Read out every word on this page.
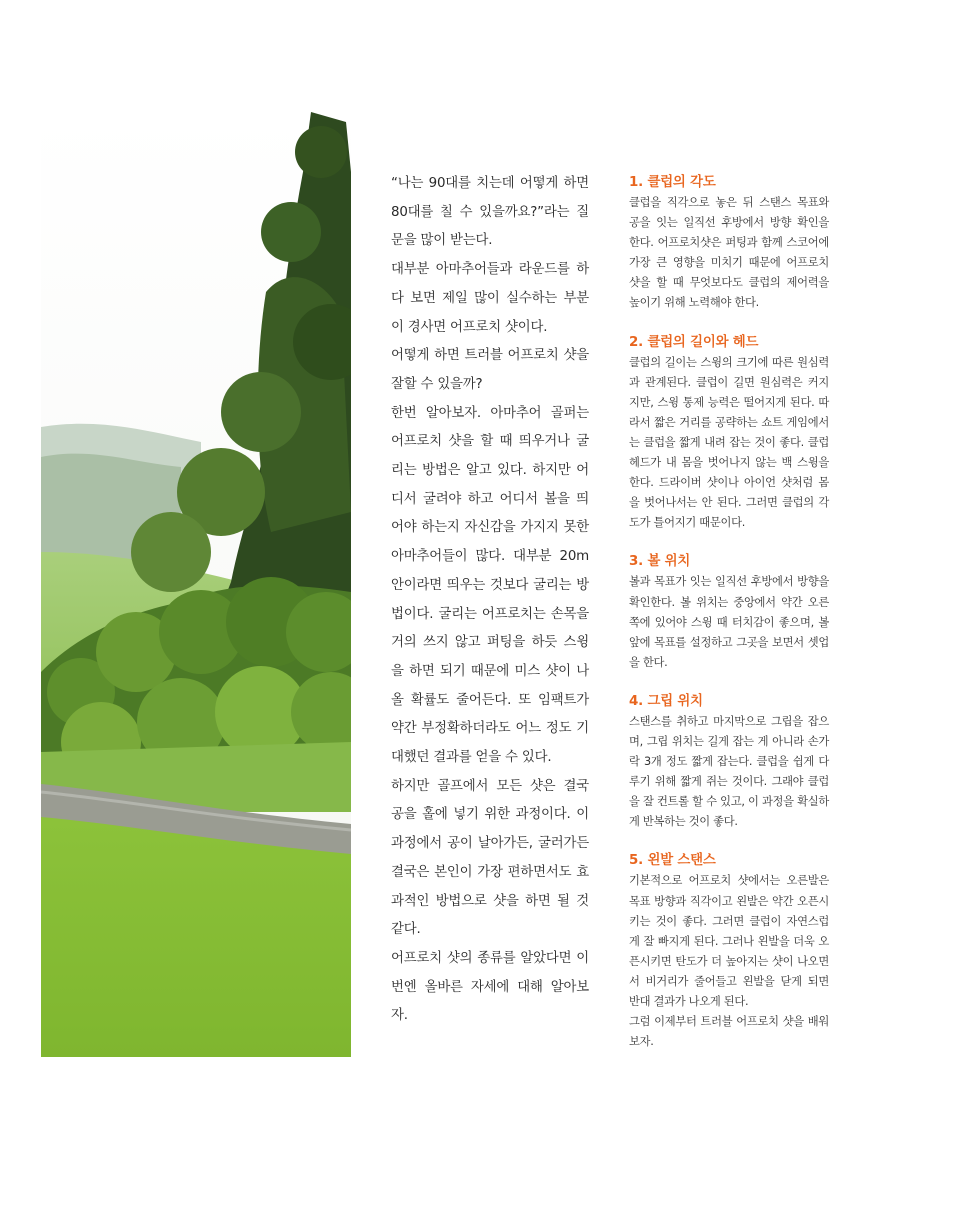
“나는 90대를 치는데 어떻게 하면 80대를 칠 수 있을까요?”라는 질문을 많이 받는다.

대부분 아마추어들과 라운드를 하다 보면 제일 많이 실수하는 부분이 경사면 어프로치 샷이다.

어떻게 하면 트러블 어프로치 샷을 잘할 수 있을까?

한번 알아보자. 아마추어 골퍼는 어프로치 샷을 할 때 띄우거나 굴리는 방법은 알고 있다. 하지만 어디서 굴려야 하고 어디서 볼을 띄어야 하는지 자신감을 가지지 못한 아마추어들이 많다. 대부분 20m 안이라면 띄우는 것보다 굴리는 방법이다. 굴리는 어프로치는 손목을 거의 쓰지 않고 퍼팅을 하듯 스윙을 하면 되기 때문에 미스 샷이 나올 확률도 줄어든다. 또 임팩트가 약간 부정확하더라도 어느 정도 기대했던 결과를 얻을 수 있다.

하지만 골프에서 모든 샷은 결국 공을 홀에 넣기 위한 과정이다. 이 과정에서 공이 날아가든, 굴러가든 결국은 본인이 가장 편하면서도 효과적인 방법으로 샷을 하면 될 것 같다.

어프로치 샷의 종류를 알았다면 이번엔 올바른 자세에 대해 알아보자.

1. 클럽의 각도

클럽을 직각으로 놓은 뒤 스탠스 목표와 공을 잇는 일직선 후방에서 방향 확인을 한다. 어프로치샷은 퍼팅과 함께 스코어에 가장 큰 영향을 미치기 때문에 어프로치 샷을 할 때 무엇보다도 클럽의 제어력을 높이기 위해 노력해야 한다.

2. 클럽의 길이와 헤드

클럽의 길이는 스윙의 크기에 따른 원심력과 관계된다. 클럽이 길면 원심력은 커지지만, 스윙 통제 능력은 떨어지게 된다. 따라서 짧은 거리를 공략하는 쇼트 게임에서는 클럽을 짧게 내려 잡는 것이 좋다. 클럽헤드가 내 몸을 벗어나지 않는 백 스윙을 한다. 드라이버 샷이나 아이언 샷처럼 몸을 벗어나서는 안 된다. 그러면 클럽의 각도가 틀어지기 때문이다.

3. 볼 위치

볼과 목표가 잇는 일직선 후방에서 방향을 확인한다. 볼 위치는 중앙에서 약간 오른쪽에 있어야 스윙 때 터치감이 좋으며, 볼 앞에 목표를 설정하고 그곳을 보면서 셋업을 한다.

4. 그립 위치

스탠스를 취하고 마지막으로 그립을 잡으며, 그립 위치는 길게 잡는 게 아니라 손가락 3개 정도 짧게 잡는다. 클럽을 쉽게 다루기 위해 짧게 쥐는 것이다. 그래야 클럽을 잘 컨트롤 할 수 있고, 이 과정을 확실하게 반복하는 것이 좋다.

5. 왼발 스탠스

기본적으로 어프로치 샷에서는 오른발은 목표 방향과 직각이고 왼발은 약간 오픈시키는 것이 좋다. 그러면 클럽이 자연스럽게 잘 빠지게 된다. 그러나 왼발을 더욱 오픈시키면 탄도가 더 높아지는 샷이 나오면서 비거리가 줄어들고 왼발을 닫게 되면 반대 결과가 나오게 된다.

그럼 이제부터 트러블 어프로치 샷을 배워보자.
